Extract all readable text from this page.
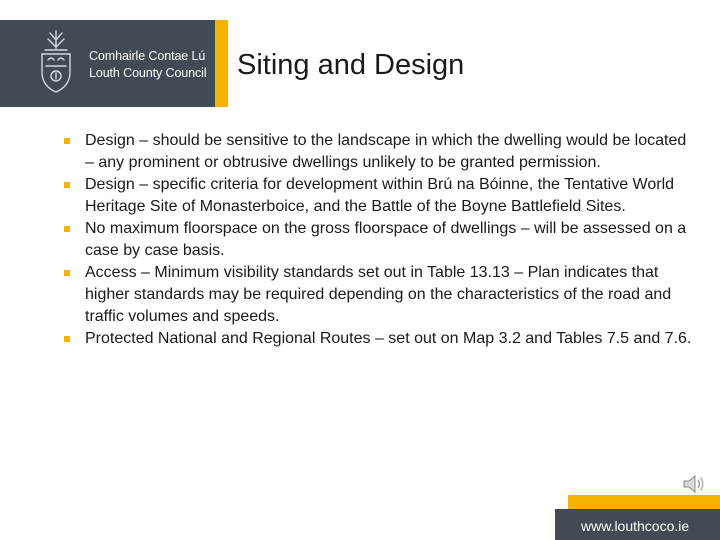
Comhairle Contae Lú
Louth County Council Siting and Design
Design – should be sensitive to the landscape in which the dwelling would be located – any prominent or obtrusive dwellings unlikely to be granted permission.
Design – specific criteria for development within Brú na Bóinne, the Tentative World Heritage Site of Monasterboice, and the Battle of the Boyne Battlefield Sites.
No maximum floorspace on the gross floorspace of dwellings – will be assessed on a case by case basis.
Access – Minimum visibility standards set out in Table 13.13 – Plan indicates that higher standards may be required depending on the characteristics of the road and traffic volumes and speeds.
Protected National and Regional Routes – set out on Map 3.2 and Tables 7.5 and 7.6.
www.louthcoco.ie
